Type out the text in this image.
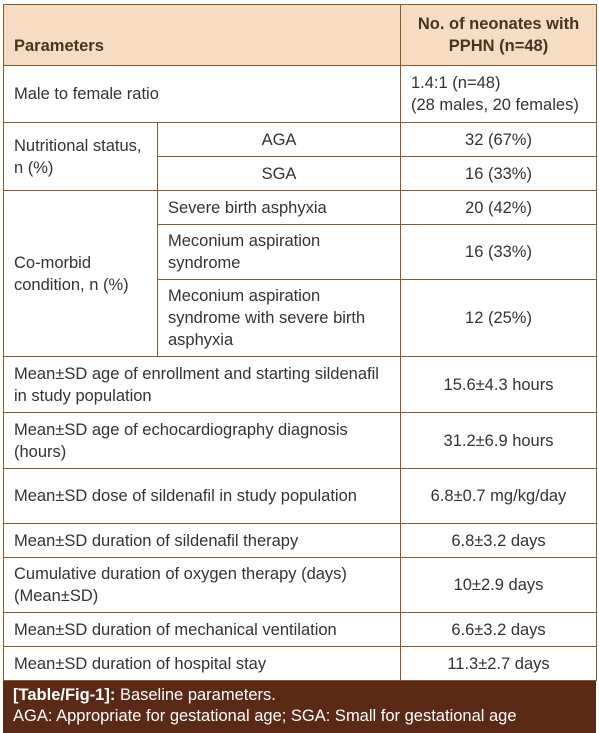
Parameters		No. of neonates with PPHN (n=48)
Male to female ratio		1.4:1 (n=48)
(28 males, 20 females)

Nutritional status, n (%)	AGA	32 (67%)
	SGA	16 (33%)
Co-morbid condition, n (%)	Severe birth asphyxia	20 (42%)
	Meconium aspiration syndrome	16 (33%)
	Meconium aspiration syndrome with severe birth asphyxia	12 (25%)
Mean±SD age of enrollment and starting sildenafil in study population		15.6±4.3 hours
Mean±SD age of echocardiography diagnosis (hours)		31.2±6.9 hours
Mean±SD dose of sildenafil in study population		6.8±0.7 mg/kg/day
Mean±SD duration of sildenafil therapy		6.8±3.2 days
Cumulative duration of oxygen therapy (days) (Mean±SD)		10±2.9 days
Mean±SD duration of mechanical ventilation		6.6±3.2 days
Mean±SD duration of hospital stay		11.3±2.7 days
[Table/Fig-1]: Baseline parameters.
AGA: Appropriate for gestational age; SGA: Small for gestational age
